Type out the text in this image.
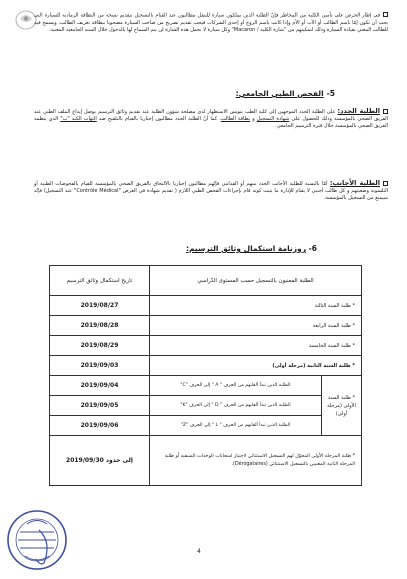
في إطار الحرص على تأمين الكلية من المخاطر فإنّ الطلبة الذين يملكون سيارة للتنقل مطالبون عند القيام بالتسجيل بتقديم نسخة من البطاقة الرمادية للسيارة التي يجب أن تكون إمّا باسم الطالب أو الأب أو الأم وإذا كانت باسم الزوج أو إحدى الشركات فيجب تقديم تصريح من صاحب السيارة مصحوبا ببطاقة تعريف الطالب. ويسمح فيه للطالب المعني بقيادة السيارة وذلك لتمكينهم من "شارة الكلية / Macaron" وكل سيارة لا تحمل هذه الشارة لن يتم السماح لها بالدخول خلال السنة الجامعية المعنية.

5-الفحص الطبي الجامعي:

الطلبة الجدد: على الطلبة الجدد الموجهين إلى كلية الطب بتونس الاستظهار لدى مصلحة شؤون الطلبة عند تقديم وثائق الترسيم بوصل إيداع الملف الطبي عند الفريق الصحي بالمؤسسة وذلك للحصول على شهادة التسجيل و بطاقة الطالب. كما أنّ الطلبة الجدد مطالبون إجباريا بالقيام بالتلقيح ضد التهاب الكبد "ب" الذي ينظمه الفريق الصحي بالمؤسسة خلال فترة الترسيم الجامعي.

الطلبة الأجانب: أمّا بالنسبة للطلبة الأجانب الجدد منهم أو القدامى فإنّهم مطالبون إجباريا بالالتحاق بالفريق الصحي بالمؤسسة للقيام بالفحوصات الطبية أو التلسوية وضعيتهم و كل طالب أجنبي لا يقدّم للإدارة ما يثبت كونه قام بإجراءات الفحص الطبي اللازم ( تقديم شهادة في الغرض "Contrôle Médical" عند التسجيل) فإنّه سيمنع من التسجيل بالمؤسسة.

6- روزنامة استكمال وثائق الترسيم:
الطلبة المعنيون بالتسجيل حسب المستوى الدّراسي		تاريخ استكمال وثائق الترسيم
* طلبة السنة الثالثة		2019/08/27
* طلبة السنة الرابعة		2019/08/28
* طلبة السنة الخامسة		2019/08/29
* طلبة السنة الثانية (مرحلة أولى)		2019/09/03
* طلبة السنة الأولى (مرحلة أولى)	الطلبة الذين تبدأ ألقابهم من الحرف " A " إلى الحرف "C"	2019/09/04
	الطلبة الذين تبدأ ألقابهم من الحرف " D " إلى الحرف "K"	2019/09/05
	الطلبة الذين تبدأ ألقابهم من الحرف " L " إلى الحرف "Z"	2019/09/06
* طلبة المرحلة الأولى المخوّل لهم التسجيل الاستثنائي لاجتياز امتحانات الوحدات المتبقية أو طلبة المرحلة الثانية المعنيين بالتسجيل الاستثنائي (Dérogataires).		إلى حدود 2019/09/30
4
